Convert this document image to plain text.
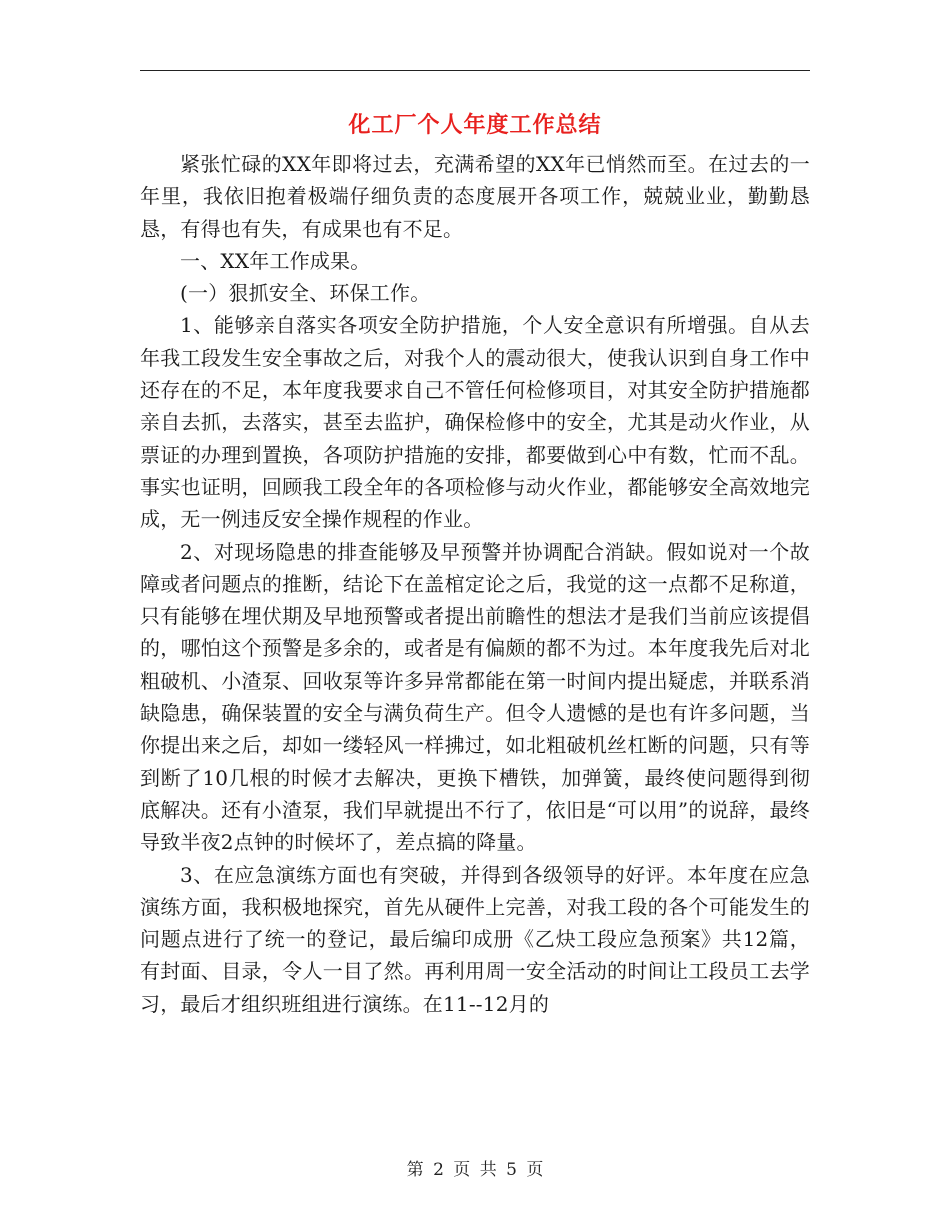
化工厂个人年度工作总结

紧张忙碌的XX年即将过去，充满希望的XX年已悄然而至。在过去的一年里，我依旧抱着极端仔细负责的态度展开各项工作，兢兢业业，勤勤恳恳，有得也有失，有成果也有不足。

一、XX年工作成果。

(一）狠抓安全、环保工作。

1、能够亲自落实各项安全防护措施，个人安全意识有所增强。自从去年我工段发生安全事故之后，对我个人的震动很大，使我认识到自身工作中还存在的不足，本年度我要求自己不管任何检修项目，对其安全防护措施都亲自去抓，去落实，甚至去监护，确保检修中的安全，尤其是动火作业，从票证的办理到置换，各项防护措施的安排，都要做到心中有数，忙而不乱。事实也证明，回顾我工段全年的各项检修与动火作业，都能够安全高效地完成，无一例违反安全操作规程的作业。

2、对现场隐患的排查能够及早预警并协调配合消缺。假如说对一个故障或者问题点的推断，结论下在盖棺定论之后，我觉的这一点都不足称道，只有能够在埋伏期及早地预警或者提出前瞻性的想法才是我们当前应该提倡的，哪怕这个预警是多余的，或者是有偏颇的都不为过。本年度我先后对北粗破机、小渣泵、回收泵等许多异常都能在第一时间内提出疑虑，并联系消缺隐患，确保装置的安全与满负荷生产。但令人遗憾的是也有许多问题，当你提出来之后，却如一缕轻风一样拂过，如北粗破机丝杠断的问题，只有等到断了10几根的时候才去解决，更换下槽铁，加弹簧，最终使问题得到彻底解决。还有小渣泵，我们早就提出不行了，依旧是“可以用”的说辞，最终导致半夜2点钟的时候坏了，差点搞的降量。

3、在应急演练方面也有突破，并得到各级领导的好评。本年度在应急演练方面，我积极地探究，首先从硬件上完善，对我工段的各个可能发生的问题点进行了统一的登记，最后编印成册《乙炔工段应急预案》共12篇，有封面、目录，令人一目了然。再利用周一安全活动的时间让工段员工去学习，最后才组织班组进行演练。在11--12月的

第 2 页 共 5 页
